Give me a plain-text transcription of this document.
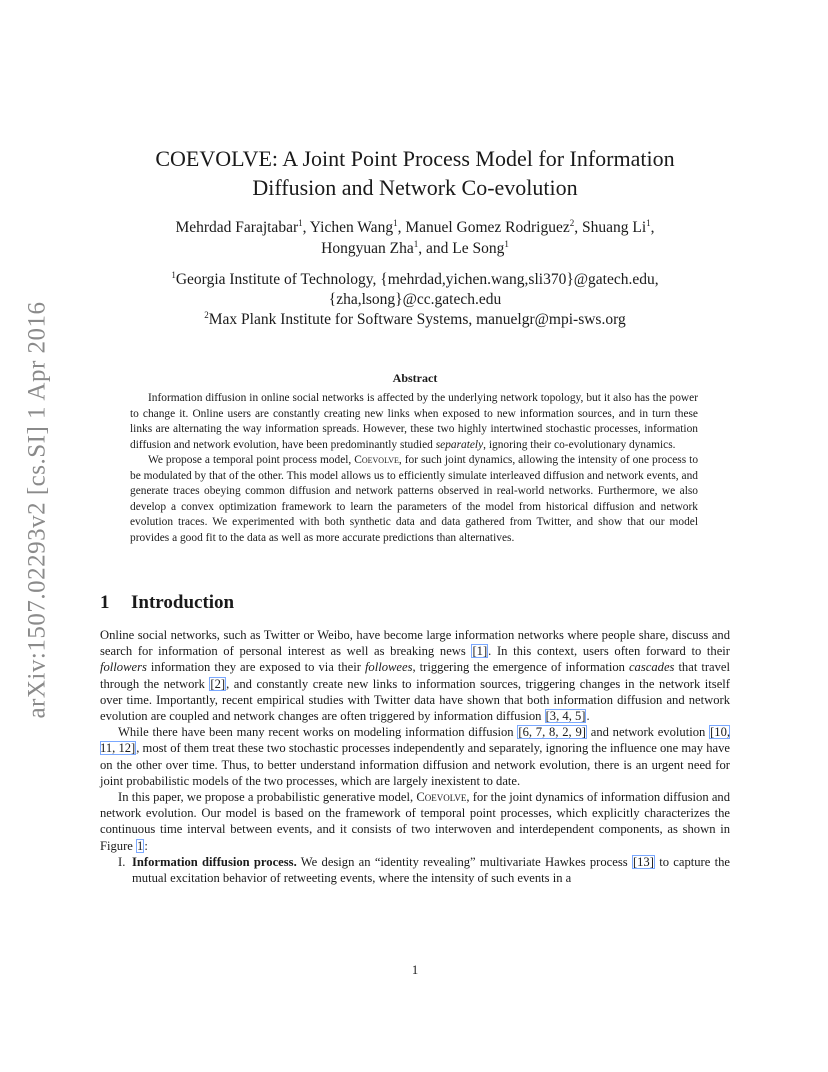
arXiv:1507.02293v2 [cs.SI] 1 Apr 2016
COEVOLVE: A Joint Point Process Model for Information
Diffusion and Network Co-evolution
Mehrdad Farajtabar$^1$, Yichen Wang$^1$, Manuel Gomez Rodriguez$^2$, Shuang Li$^1$,
Hongyuan Zha$^1$, and Le Song$^1$
$^1$Georgia Institute of Technology, {mehrdad,yichen.wang,sli370}@gatech.edu,
{zha,lsong}@cc.gatech.edu
$^2$Max Plank Institute for Software Systems, manuelgr@mpi-sws.org
Abstract

Information diffusion in online social networks is affected by the underlying network topology, but it also has the power to change it. Online users are constantly creating new links when exposed to new information sources, and in turn these links are alternating the way information spreads. However, these two highly intertwined stochastic processes, information diffusion and network evolution, have been predominantly studied separately, ignoring their co-evolutionary dynamics.

We propose a temporal point process model, Coevolve, for such joint dynamics, allowing the intensity of one process to be modulated by that of the other. This model allows us to efficiently simulate interleaved diffusion and network events, and generate traces obeying common diffusion and network patterns observed in real-world networks. Furthermore, we also develop a convex optimization framework to learn the parameters of the model from historical diffusion and network evolution traces. We experimented with both synthetic data and data gathered from Twitter, and show that our model provides a good fit to the data as well as more accurate predictions than alternatives.

1 Introduction

Online social networks, such as Twitter or Weibo, have become large information networks where people share, discuss and search for information of personal interest as well as breaking news [1]. In this context, users often forward to their followers information they are exposed to via their followees, triggering the emergence of information cascades that travel through the network [2], and constantly create new links to information sources, triggering changes in the network itself over time. Importantly, recent empirical studies with Twitter data have shown that both information diffusion and network evolution are coupled and network changes are often triggered by information diffusion [3, 4, 5].

While there have been many recent works on modeling information diffusion [6, 7, 8, 2, 9] and network evolution [10, 11, 12], most of them treat these two stochastic processes independently and separately, ignoring the influence one may have on the other over time. Thus, to better understand information diffusion and network evolution, there is an urgent need for joint probabilistic models of the two processes, which are largely inexistent to date.

In this paper, we propose a probabilistic generative model, Coevolve, for the joint dynamics of information diffusion and network evolution. Our model is based on the framework of temporal point processes, which explicitly characterizes the continuous time interval between events, and it consists of two interwoven and interdependent components, as shown in Figure 1:

I. Information diffusion process. We design an “identity revealing” multivariate Hawkes process [13] to capture the mutual excitation behavior of retweeting events, where the intensity of such events in a

1
